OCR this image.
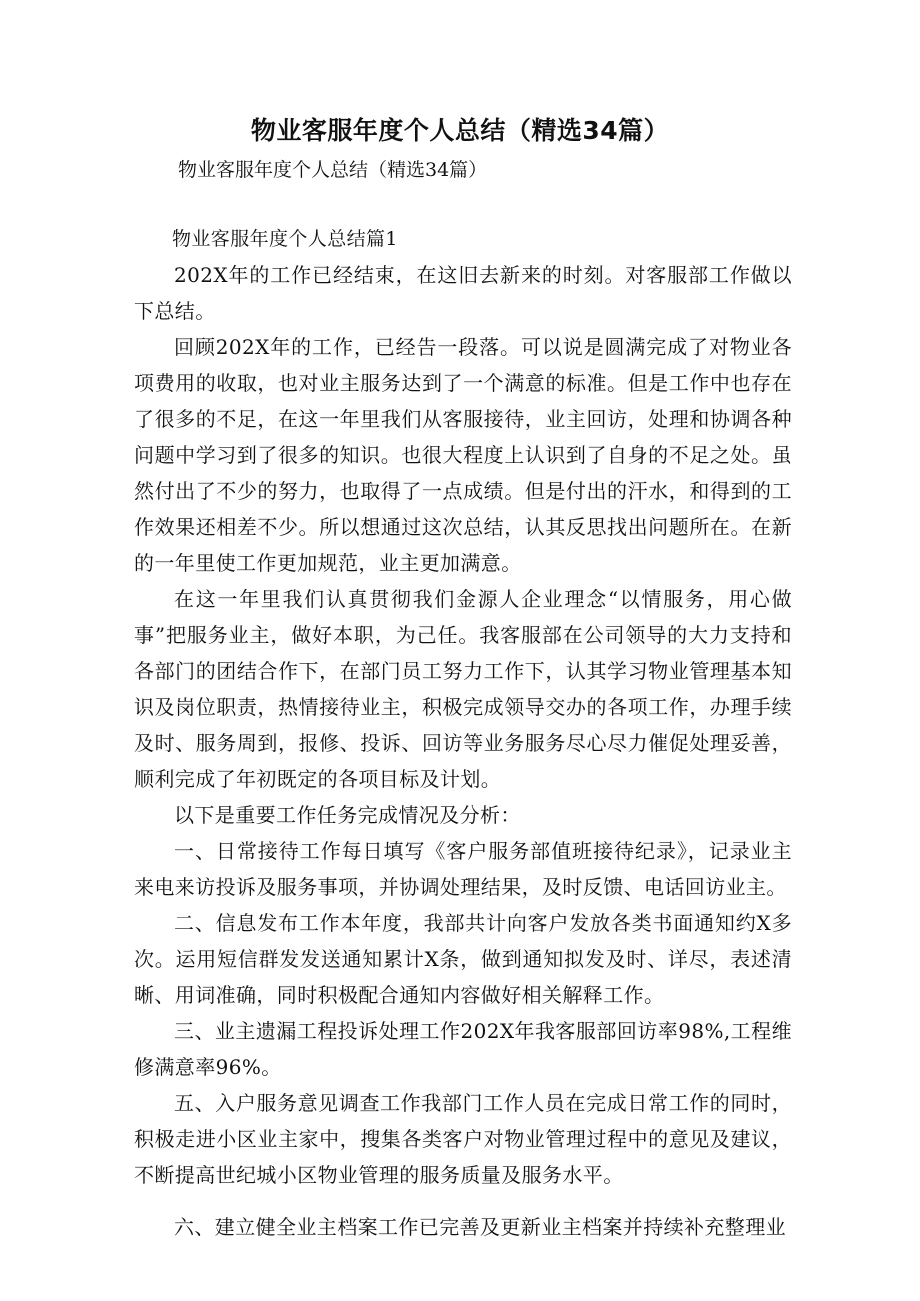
物业客服年度个人总结（精选34篇）
物业客服年度个人总结（精选34篇）

物业客服年度个人总结篇1

202X年的工作已经结束，在这旧去新来的时刻。对客服部工作做以下总结。

回顾202X年的工作，已经告一段落。可以说是圆满完成了对物业各项费用的收取，也对业主服务达到了一个满意的标准。但是工作中也存在了很多的不足，在这一年里我们从客服接待，业主回访，处理和协调各种问题中学习到了很多的知识。也很大程度上认识到了自身的不足之处。虽然付出了不少的努力，也取得了一点成绩。但是付出的汗水，和得到的工作效果还相差不少。所以想通过这次总结，认其反思找出问题所在。在新的一年里使工作更加规范，业主更加满意。

在这一年里我们认真贯彻我们金源人企业理念“以情服务，用心做事”把服务业主，做好本职，为己任。我客服部在公司领导的大力支持和各部门的团结合作下，在部门员工努力工作下，认其学习物业管理基本知识及岗位职责，热情接待业主，积极完成领导交办的各项工作，办理手续及时、服务周到，报修、投诉、回访等业务服务尽心尽力催促处理妥善，顺利完成了年初既定的各项目标及计划。

以下是重要工作任务完成情况及分析：

一、日常接待工作每日填写《客户服务部值班接待纪录》，记录业主来电来访投诉及服务事项，并协调处理结果，及时反馈、电话回访业主。

二、信息发布工作本年度，我部共计向客户发放各类书面通知约X多次。运用短信群发发送通知累计X条，做到通知拟发及时、详尽，表述清晰、用词准确，同时积极配合通知内容做好相关解释工作。

三、业主遗漏工程投诉处理工作202X年我客服部回访率98%,工程维修满意率96%。

五、入户服务意见调查工作我部门工作人员在完成日常工作的同时，积极走进小区业主家中，搜集各类客户对物业管理过程中的意见及建议，不断提高世纪城小区物业管理的服务质量及服务水平。

六、建立健全业主档案工作已完善及更新业主档案并持续补充整理业
